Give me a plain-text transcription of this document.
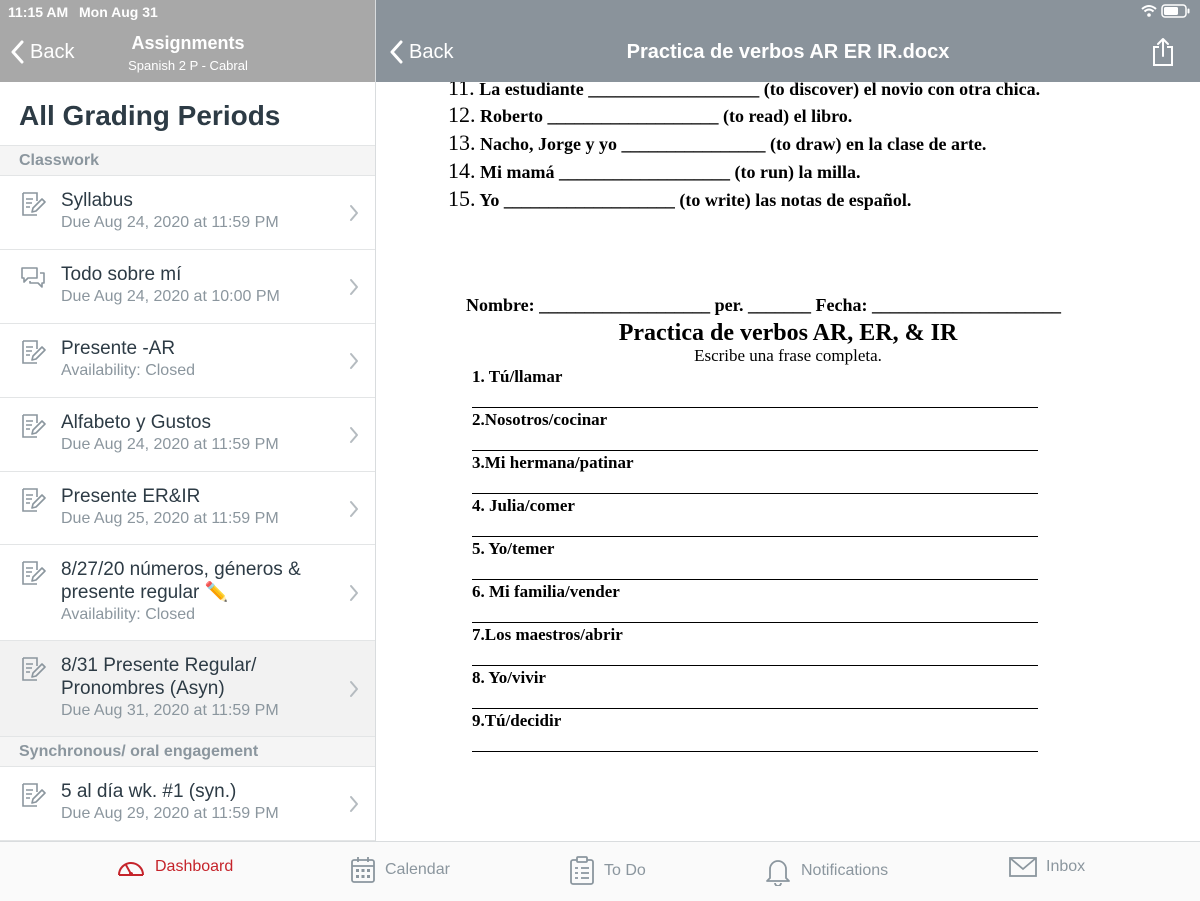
11:15 AM Mon Aug 31
Back	Assignments
Spanish 2 P - Cabral
All Grading Periods
Classwork
Synchronous/ oral engagement
Syllabus
Due Aug 24, 2020 at 11:59 PM
Todo sobre mí
Due Aug 24, 2020 at 10:00 PM
Presente -AR
Availability: Closed
Alfabeto y Gustos
Due Aug 24, 2020 at 11:59 PM
Presente ER&IR
Due Aug 25, 2020 at 11:59 PM
8/27/20 números, géneros & presente regular ✏️
Availability: Closed
8/31 Presente Regular/ Pronombres (Asyn)
Due Aug 31, 2020 at 11:59 PM
5 al día wk. #1 (syn.)
Due Aug 29, 2020 at 11:59 PM
Back	Practica de verbos AR ER IR.docx
11. La estudiante ___________________ (to discover) el novio con otra chica.
12. Roberto ___________________ (to read) el libro.
13. Nacho, Jorge y yo ________________ (to draw) en la clase de arte.
14. Mi mamá ___________________ (to run) la milla.
15. Yo ___________________ (to write) las notas de español.
Nombre: ___________________ per. _______ Fecha: _____________________
Practica de verbos AR, ER, & IR
Escribe una frase completa.
1. Tú/llamar
2.Nosotros/cocinar
3.Mi hermana/patinar
4. Julia/comer
5. Yo/temer
6. Mi familia/vender
7.Los maestros/abrir
8. Yo/vivir
9.Tú/decidir
Dashboard	Calendar	To Do	Notifications	Inbox
